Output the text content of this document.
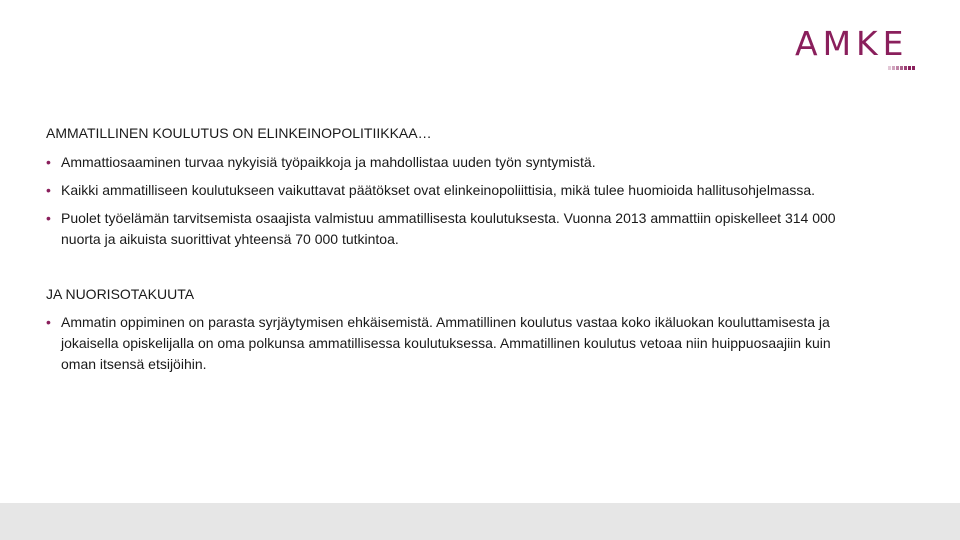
AMKE
AMMATILLINEN KOULUTUS ON ELINKEINOPOLITIIKKAA…
• Ammattiosaaminen turvaa nykyisiä työpaikkoja ja mahdollistaa uuden työn syntymistä.
• Kaikki ammatilliseen koulutukseen vaikuttavat päätökset ovat elinkeinopoliittisia, mikä tulee huomioida hallitusohjelmassa.
• Puolet työelämän tarvitsemista osaajista valmistuu ammatillisesta koulutuksesta. Vuonna 2013 ammattiin opiskelleet 314 000 nuorta ja aikuista suorittivat yhteensä 70 000 tutkintoa.
JA NUORISOTAKUUTA
• Ammatin oppiminen on parasta syrjäytymisen ehkäisemistä. Ammatillinen koulutus vastaa koko ikäluokan kouluttamisesta ja jokaisella opiskelijalla on oma polkunsa ammatillisessa koulutuksessa. Ammatillinen koulutus vetoaa niin huippuosaajiin kuin oman itsensä etsijöihin.
